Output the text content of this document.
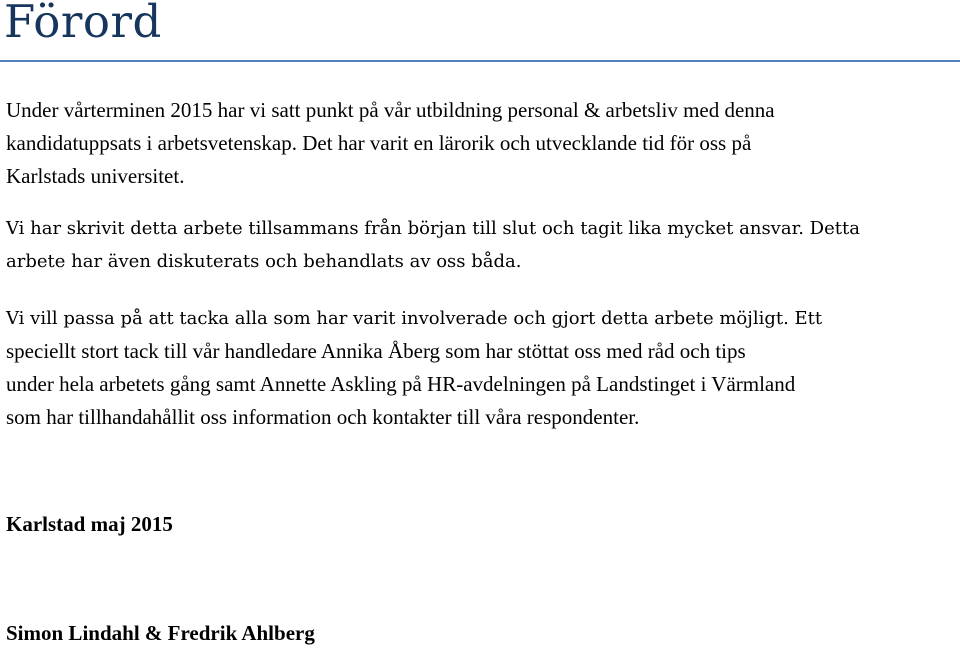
Förord

Under vårterminen 2015 har vi satt punkt på vår utbildning personal & arbetsliv med denna
kandidatuppsats i arbetsvetenskap. Det har varit en lärorik och utvecklande tid för oss på
Karlstads universitet.

Vi har skrivit detta arbete tillsammans från början till slut och tagit lika mycket ansvar. Detta
arbete har även diskuterats och behandlats av oss båda.

Vi vill passa på att tacka alla som har varit involverade och gjort detta arbete möjligt. Ett
speciellt stort tack till vår handledare Annika Åberg som har stöttat oss med råd och tips
under hela arbetets gång samt Annette Askling på HR-avdelningen på Landstinget i Värmland
som har tillhandahållit oss information och kontakter till våra respondenter.

Karlstad maj 2015

Simon Lindahl & Fredrik Ahlberg
